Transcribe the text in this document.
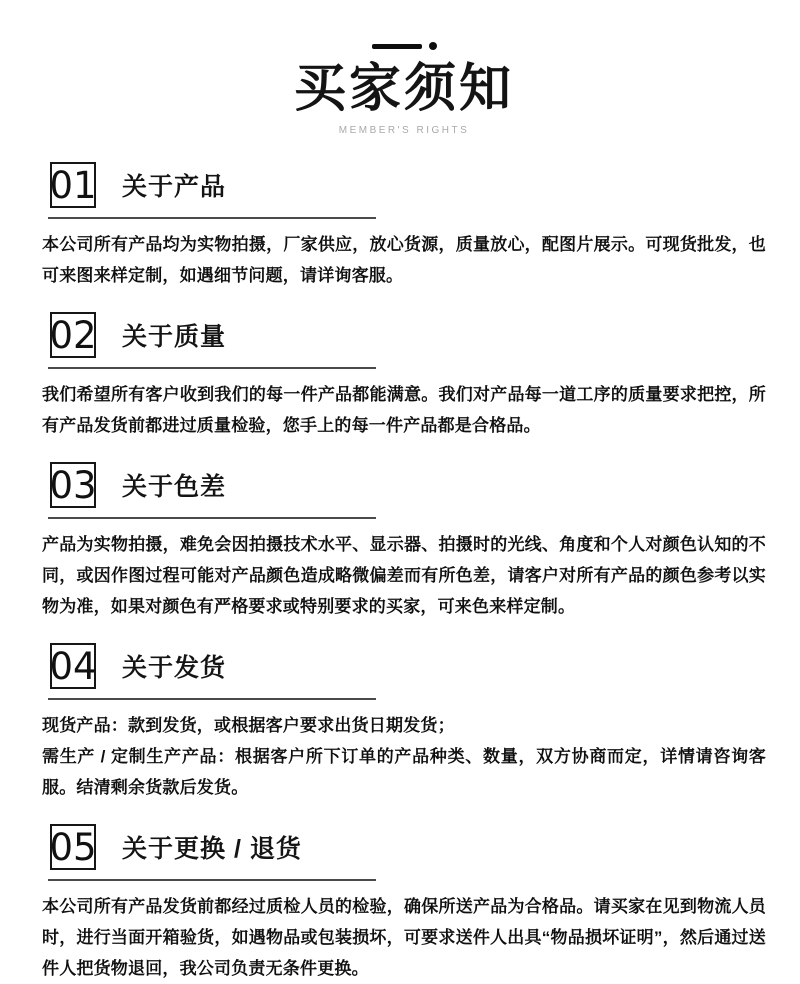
买家须知
MEMBER'S RIGHTS
01 关于产品

本公司所有产品均为实物拍摄，厂家供应，放心货源，质量放心，配图片展示。可现货批发，也可来图来样定制，如遇细节问题，请详询客服。

02 关于质量

我们希望所有客户收到我们的每一件产品都能满意。我们对产品每一道工序的质量要求把控，所有产品发货前都进过质量检验，您手上的每一件产品都是合格品。

03 关于色差

产品为实物拍摄，难免会因拍摄技术水平、显示器、拍摄时的光线、角度和个人对颜色认知的不同，或因作图过程可能对产品颜色造成略微偏差而有所色差，请客户对所有产品的颜色参考以实物为准，如果对颜色有严格要求或特别要求的买家，可来色来样定制。

04 关于发货

现货产品：款到发货，或根据客户要求出货日期发货；

需生产 / 定制生产产品：根据客户所下订单的产品种类、数量，双方协商而定，详情请咨询客服。结清剩余货款后发货。

05 关于更换 / 退货

本公司所有产品发货前都经过质检人员的检验，确保所送产品为合格品。请买家在见到物流人员时，进行当面开箱验货，如遇物品或包装损坏，可要求送件人出具“物品损坏证明”，然后通过送件人把货物退回，我公司负责无条件更换。
